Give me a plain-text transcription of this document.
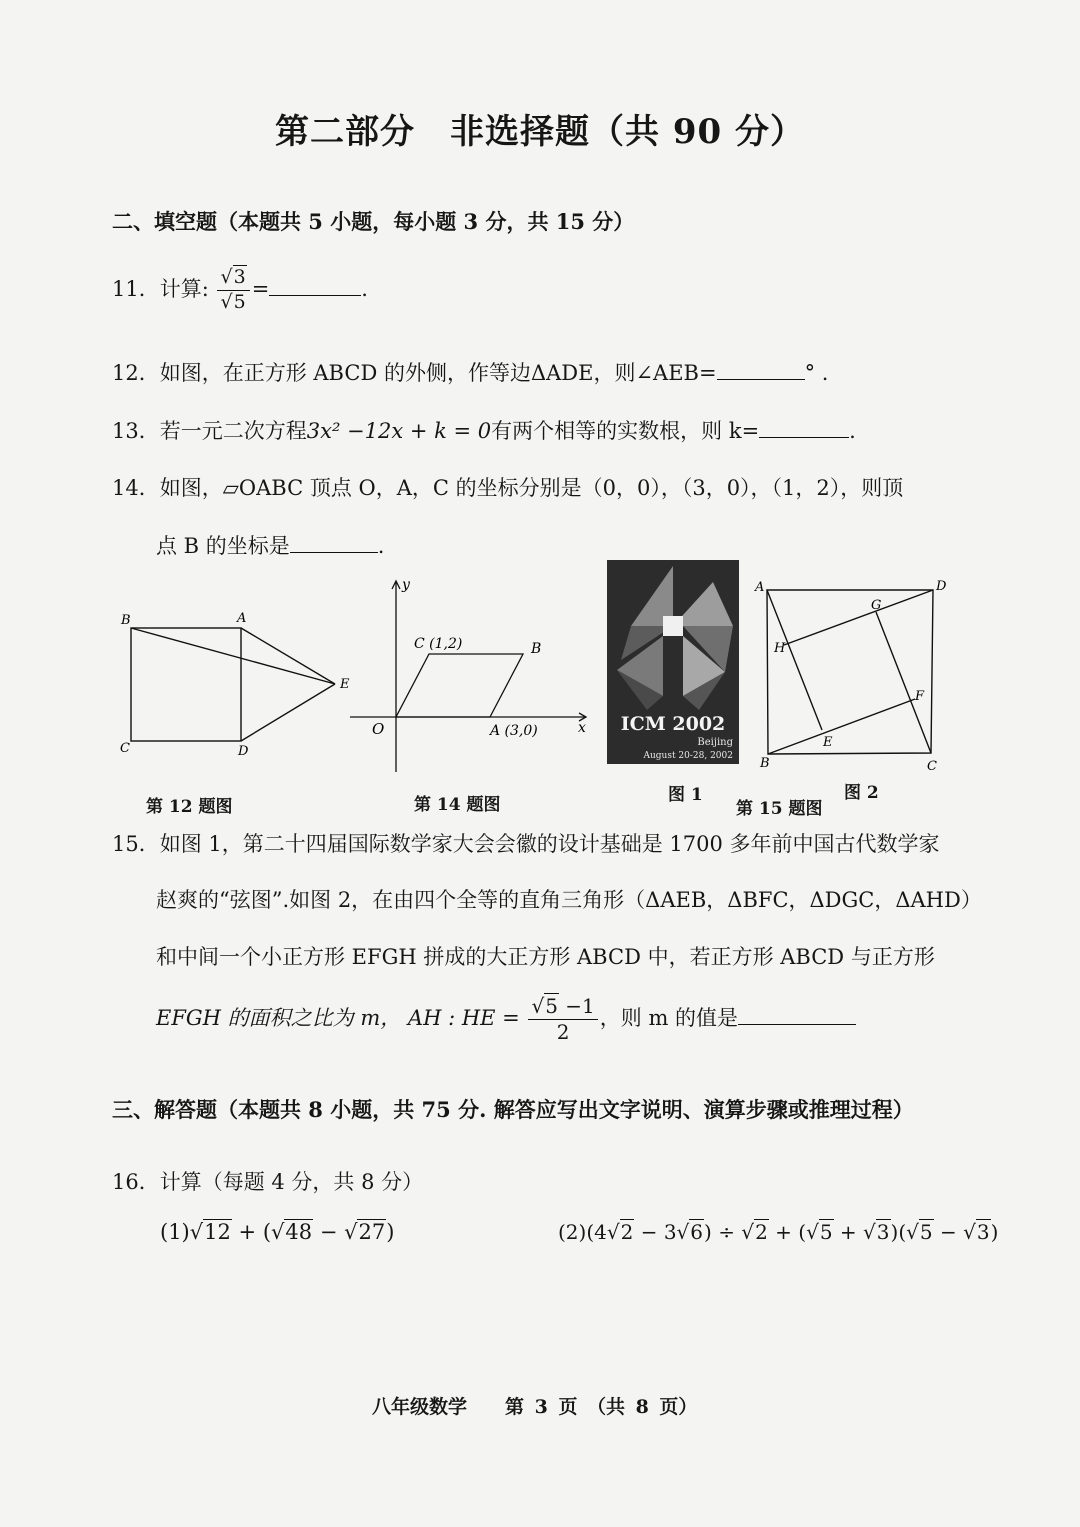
第二部分　非选择题（共 90 分）
二、填空题（本题共 5 小题，每小题 3 分，共 15 分）
11．计算: $\frac{√3}{√5}$ =	.
12．如图，在正方形 ABCD 的外侧，作等边ΔADE，则∠AEB=	° .
13．若一元二次方程3x² −12x + k = 0有两个相等的实数根，则 k=	.
14．如图，▱OABC 顶点 O，A，C 的坐标分别是（0，0），（3，0），（1，2），则顶
点 B 的坐标是	.
B	A
C	D
E
第 12 题图
x
y
O	A (3,0)
B
C (1,2)
第 14 题图
ICM 2002
Beijing
August 20-28, 2002
图 1
A	D
B	C
G
H
F
E
图 2
第 15 题图
15．如图 1，第二十四届国际数学家大会会徽的设计基础是 1700 多年前中国古代数学家
赵爽的“弦图”.如图 2，在由四个全等的直角三角形（ΔAEB，ΔBFC，ΔDGC，ΔAHD）
和中间一个小正方形 EFGH 拼成的大正方形 ABCD 中，若正方形 ABCD 与正方形
EFGH 的面积之比为 m， AH : HE = $\frac{√5 -1}{2}$ ，则 m 的值是
三、解答题（本题共 8 小题，共 75 分. 解答应写出文字说明、演算步骤或推理过程）
16．计算（每题 4 分，共 8 分）
(1)√12 + (√48 − √27)	(2)(4√2 − 3√6) ÷ √2 + (√5 + √3)(√5 − √3)
八年级数学　　第 3 页　（共 8 页）
